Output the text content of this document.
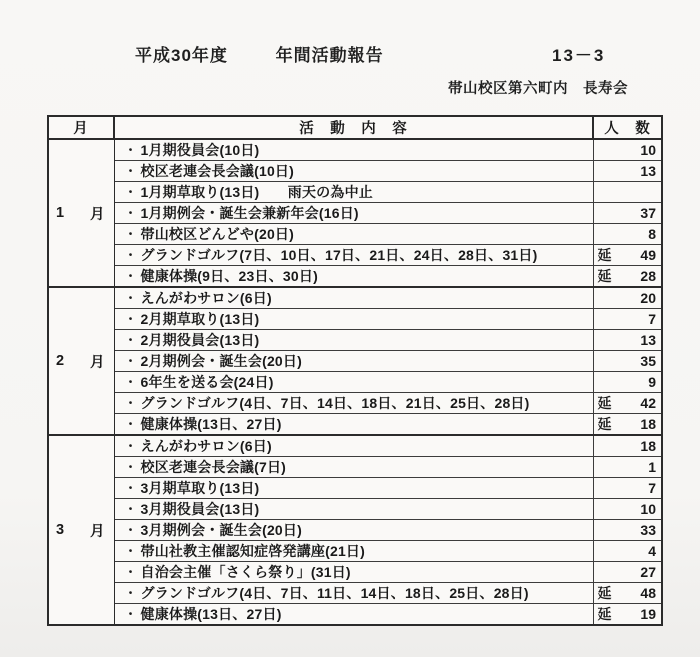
平成30年度	年間活動報告	13－3
帯山校区第六町内　長寿会
月	活　動　内　容	人　数

1 月	・ 1月期役員会(10日)	10

	・ 校区老連会長会議(10日)	13

	・ 1月期草取り(13日)　　雨天の為中止	

	・ 1月期例会・誕生会兼新年会(16日)	37

	・ 帯山校区どんどや(20日)	8

	・ グランドゴルフ(7日、10日、17日、21日、24日、28日、31日)	延 49

	・ 健康体操(9日、23日、30日)	延 28

2 月	・ えんがわサロン(6日)	20

	・ 2月期草取り(13日)	7

	・ 2月期役員会(13日)	13

	・ 2月期例会・誕生会(20日)	35

	・ 6年生を送る会(24日)	9

	・ グランドゴルフ(4日、7日、14日、18日、21日、25日、28日)	延 42

	・ 健康体操(13日、27日)	延 18

3 月	・ えんがわサロン(6日)	18

	・ 校区老連会長会議(7日)	1

	・ 3月期草取り(13日)	7

	・ 3月期役員会(13日)	10

	・ 3月期例会・誕生会(20日)	33

	・ 帯山社教主催認知症啓発講座(21日)	4

	・ 自治会主催「さくら祭り」(31日)	27

	・ グランドゴルフ(4日、7日、11日、14日、18日、25日、28日)	延 48

	・ 健康体操(13日、27日)	延 19
